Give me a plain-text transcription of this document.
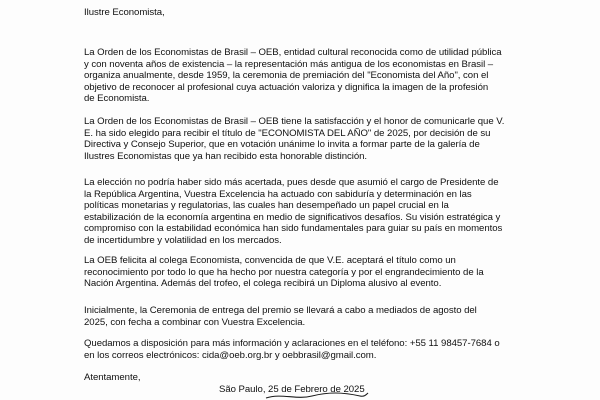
Ilustre Economista,

La Orden de los Economistas de Brasil – OEB, entidad cultural reconocida como de utilidad pública
y con noventa años de existencia – la representación más antigua de los economistas en Brasil –
organiza anualmente, desde 1959, la ceremonia de premiación del "Economista del Año", con el
objetivo de reconocer al profesional cuya actuación valoriza y dignifica la imagen de la profesión
de Economista.
La Orden de los Economistas de Brasil – OEB tiene la satisfacción y el honor de comunicarle que V.
E. ha sido elegido para recibir el título de "ECONOMISTA DEL AÑO" de 2025, por decisión de su
Directiva y Consejo Superior, que en votación unánime lo invita a formar parte de la galería de
Ilustres Economistas que ya han recibido esta honorable distinción.
La elección no podría haber sido más acertada, pues desde que asumió el cargo de Presidente de
la República Argentina, Vuestra Excelencia ha actuado con sabiduría y determinación en las
políticas monetarias y regulatorias, las cuales han desempeñado un papel crucial en la
estabilización de la economía argentina en medio de significativos desafíos. Su visión estratégica y
compromiso con la estabilidad económica han sido fundamentales para guiar su país en momentos
de incertidumbre y volatilidad en los mercados.
La OEB felicita al colega Economista, convencida de que V.E. aceptará el título como un
reconocimiento por todo lo que ha hecho por nuestra categoría y por el engrandecimiento de la
Nación Argentina. Además del trofeo, el colega recibirá un Diploma alusivo al evento.
Inicialmente, la Ceremonia de entrega del premio se llevará a cabo a mediados de agosto del
2025, con fecha a combinar con Vuestra Excelencia.
Quedamos a disposición para más información y aclaraciones en el teléfono: +55 11 98457-7684 o
en los correos electrónicos: cida@oeb.org.br y oebbrasil@gmail.com.

Atentamente,

São Paulo, 25 de Febrero de 2025
